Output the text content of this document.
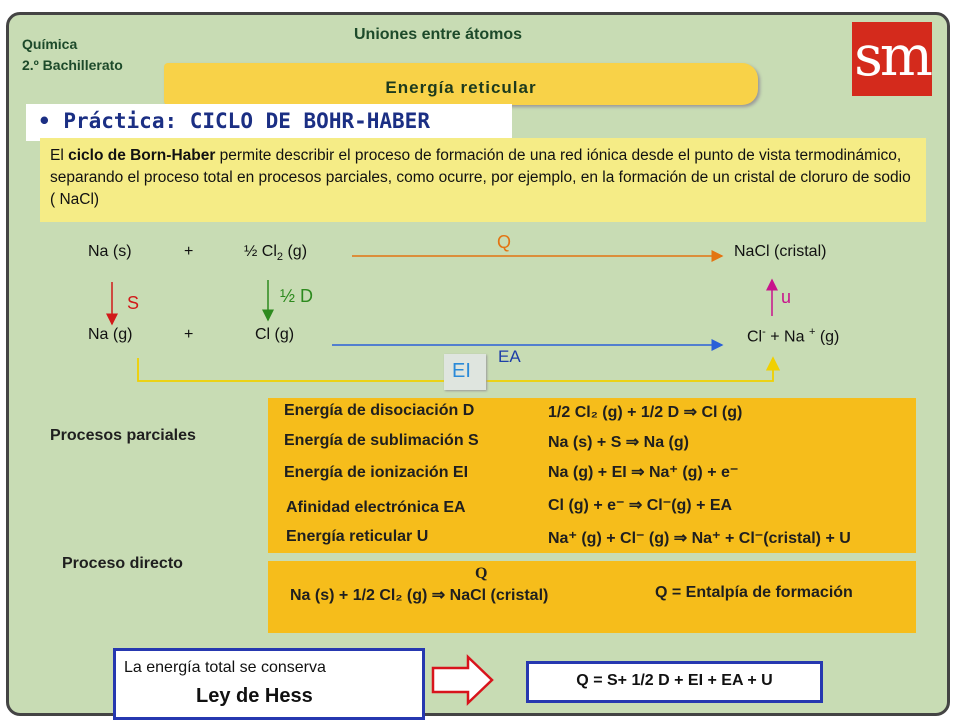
Química
2.º Bachillerato
Uniones entre átomos	sm
Energía reticular
• Práctica: CICLO DE BOHR-HABER

El ciclo de Born-Haber permite describir el proceso de formación de una red iónica desde el punto de vista termodinámico, separando el proceso total en procesos parciales, como ocurre, por ejemplo, en la formación de un cristal de cloruro de sodio ( NaCl)

Na (s)	+	½ $Cl_2$ (g)	Q	NaCl (cristal)
S	½ D	u
Na (g)	+	Cl (g)	Cl- + Na + (g)
EA
EI
Procesos parciales
Energía de disociación D	1/2 Cl₂ (g) + 1/2 D ⇒ Cl (g)
Energía de sublimación S	Na (s) + S ⇒ Na (g)
Energía de ionización EI	Na (g) + EI ⇒ Na⁺ (g) + e⁻
Afinidad electrónica EA	Cl (g) + e⁻ ⇒ Cl⁻(g) + EA
Energía reticular U	Na⁺ (g) + Cl⁻ (g) ⇒ Na⁺ + Cl⁻(cristal) + U
Proceso directo
Q
Na (s) + 1/2 Cl₂ (g) ⇒ NaCl (cristal)	Q = Entalpía de formación
La energía total se conserva
Ley de Hess
Q = S+ 1/2 D + EI + EA + U
